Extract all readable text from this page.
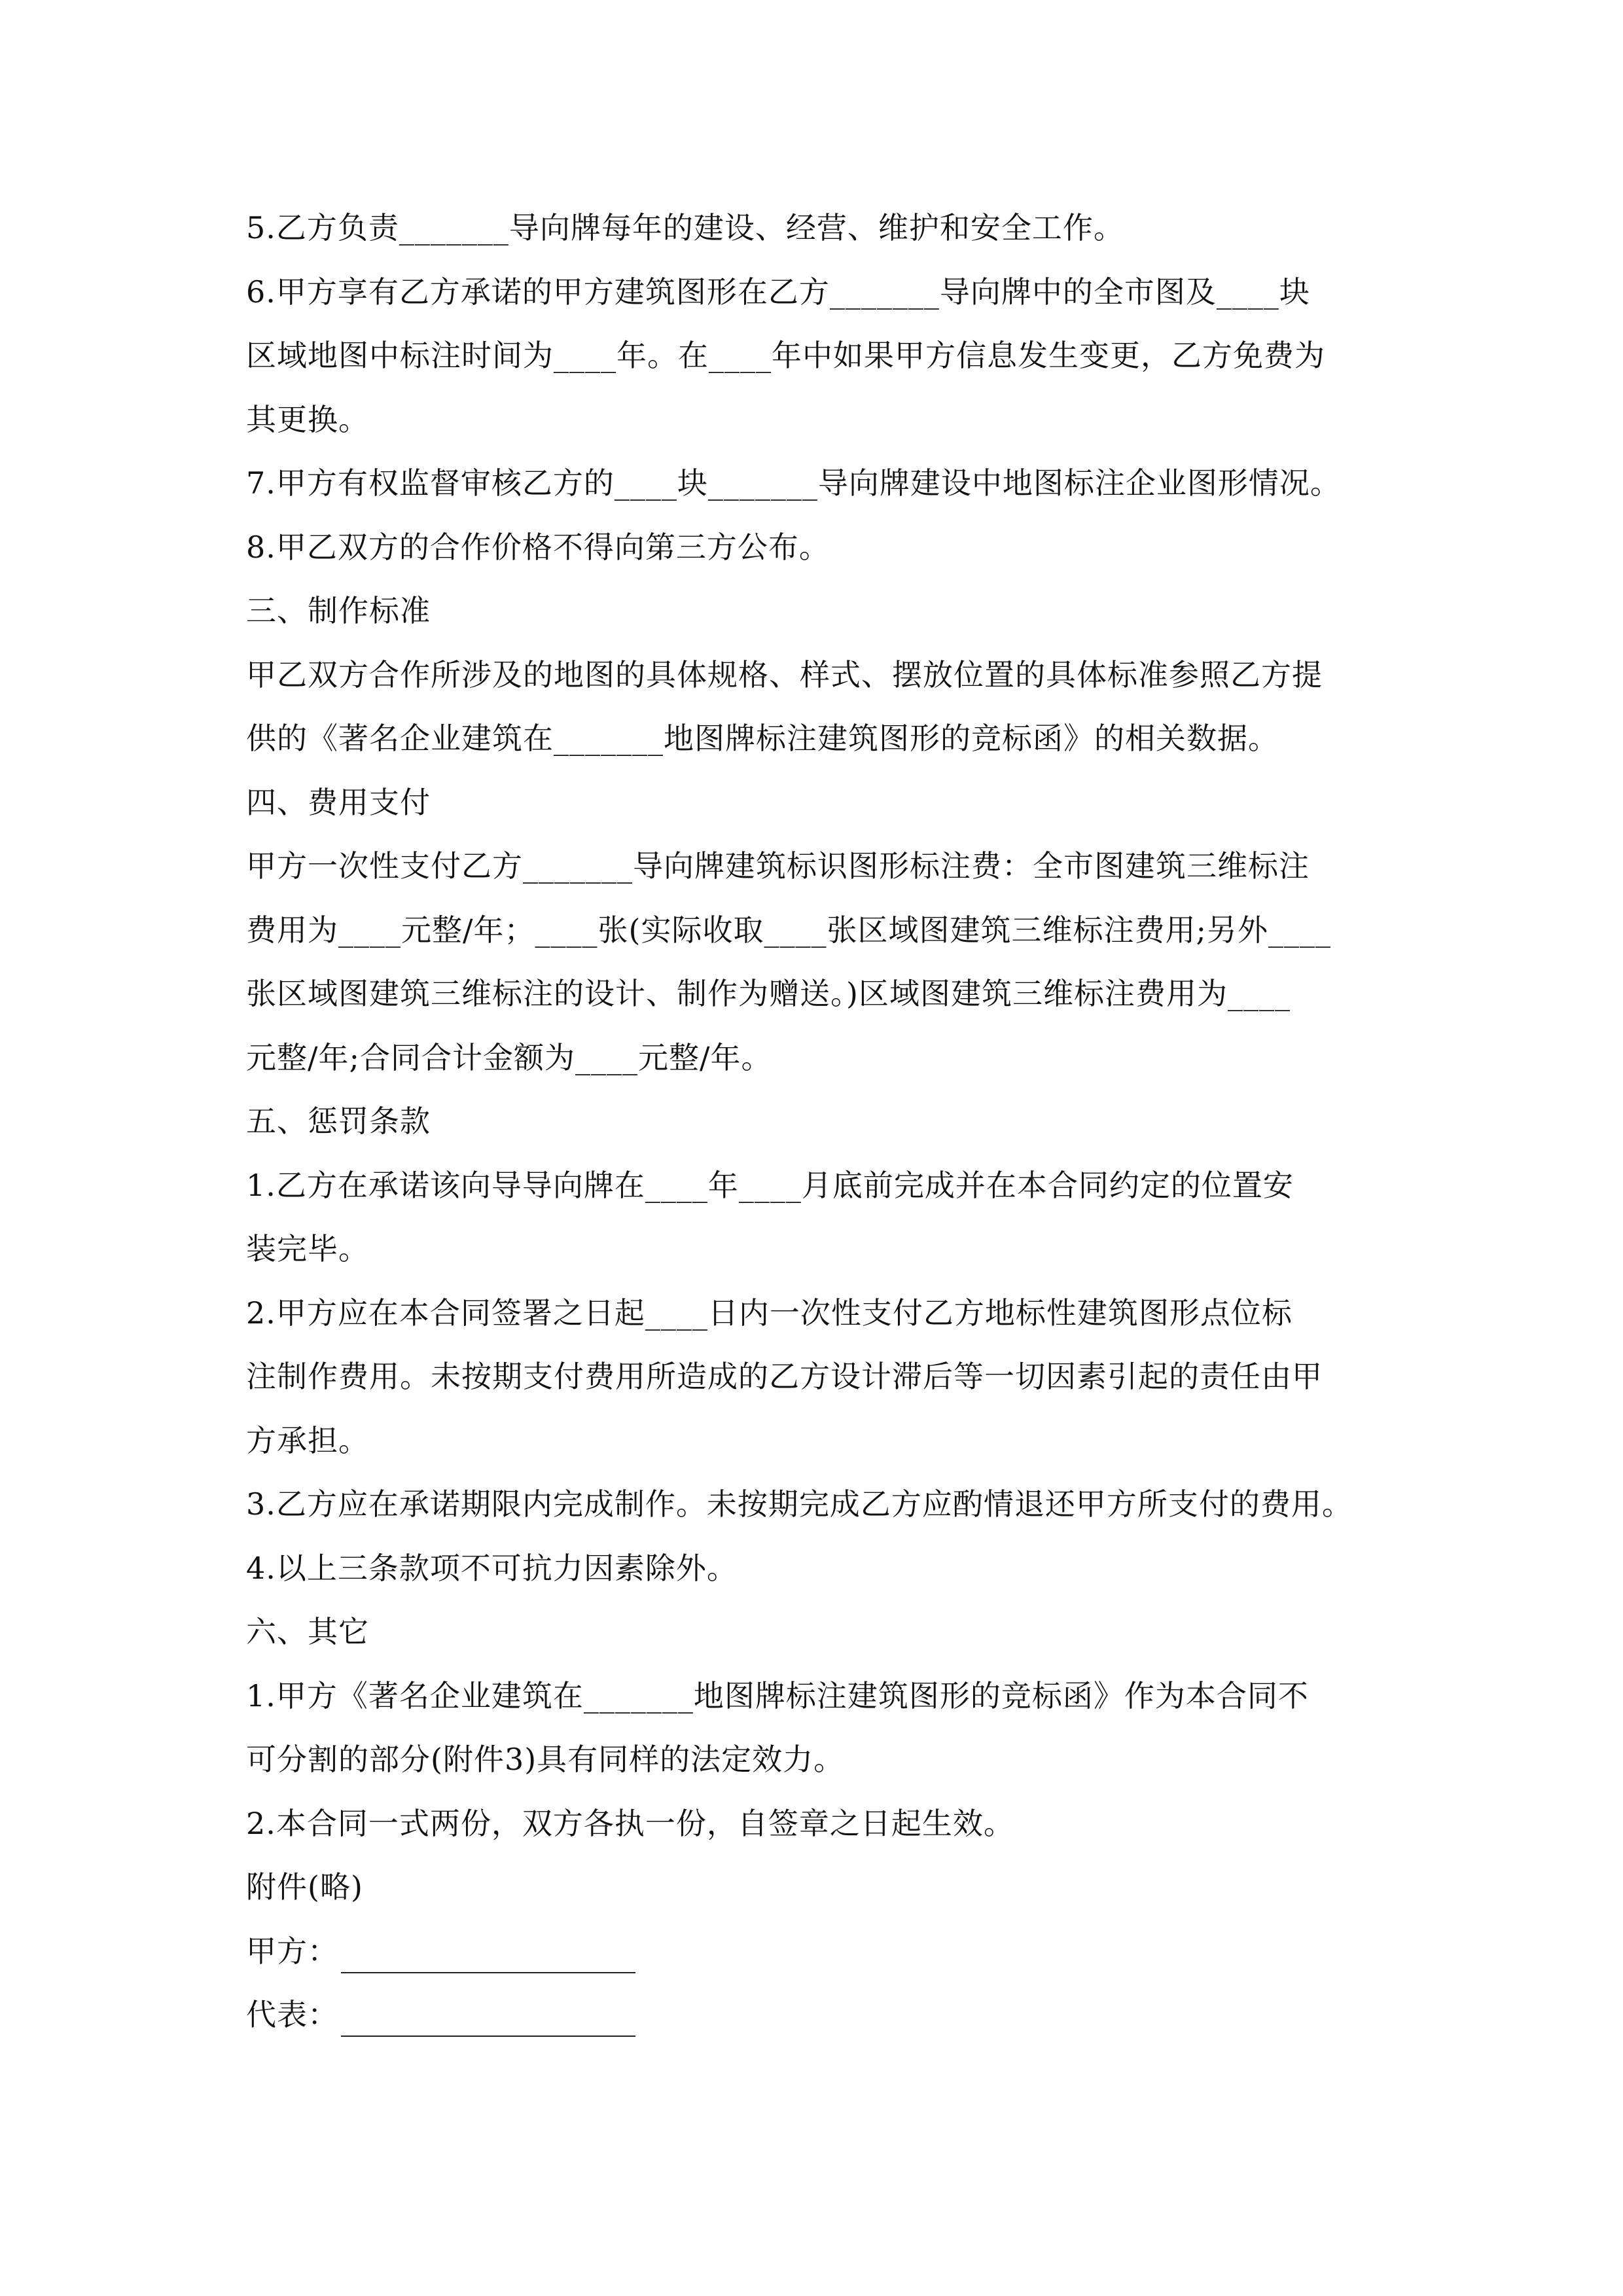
5.乙方负责_______导向牌每年的建设、经营、维护和安全工作。
6.甲方享有乙方承诺的甲方建筑图形在乙方_______导向牌中的全市图及____块
区域地图中标注时间为____年。在____年中如果甲方信息发生变更，乙方免费为
其更换。
7.甲方有权监督审核乙方的____块_______导向牌建设中地图标注企业图形情况。
8.甲乙双方的合作价格不得向第三方公布。
三、制作标准
甲乙双方合作所涉及的地图的具体规格、样式、摆放位置的具体标准参照乙方提
供的《著名企业建筑在_______地图牌标注建筑图形的竞标函》的相关数据。
四、费用支付
甲方一次性支付乙方_______导向牌建筑标识图形标注费：全市图建筑三维标注
费用为____元整/年；____张(实际收取____张区域图建筑三维标注费用;另外____
张区域图建筑三维标注的设计、制作为赠送。)区域图建筑三维标注费用为____
元整/年;合同合计金额为____元整/年。
五、惩罚条款
1.乙方在承诺该向导导向牌在____年____月底前完成并在本合同约定的位置安
装完毕。
2.甲方应在本合同签署之日起____日内一次性支付乙方地标性建筑图形点位标
注制作费用。未按期支付费用所造成的乙方设计滞后等一切因素引起的责任由甲
方承担。
3.乙方应在承诺期限内完成制作。未按期完成乙方应酌情退还甲方所支付的费用。
4.以上三条款项不可抗力因素除外。
六、其它
1.甲方《著名企业建筑在_______地图牌标注建筑图形的竞标函》作为本合同不
可分割的部分(附件3)具有同样的法定效力。
2.本合同一式两份，双方各执一份，自签章之日起生效。
附件(略)
甲方：
代表：
